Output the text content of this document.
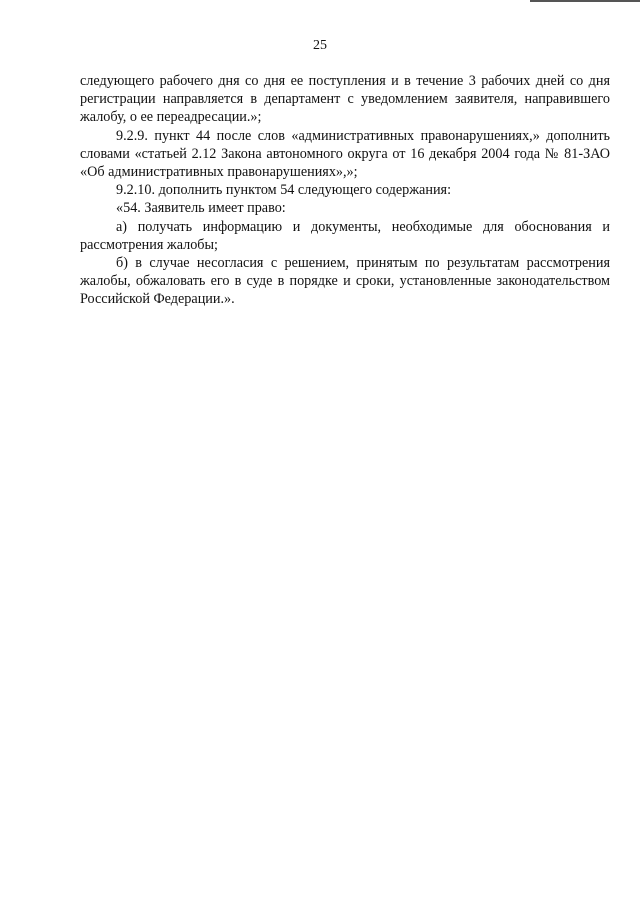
25

следующего рабочего дня со дня ее поступления и в течение 3 рабочих дней со дня регистрации направляется в департамент с уведомлением заявителя, направившего жалобу, о ее переадресации.»;

9.2.9. пункт 44 после слов «административных правонарушениях,» дополнить словами «статьей 2.12 Закона автономного округа от 16 декабря 2004 года № 81-ЗАО «Об административных правонарушениях»,»;

9.2.10. дополнить пунктом 54 следующего содержания:

«54. Заявитель имеет право:

а) получать информацию и документы, необходимые для обоснования и рассмотрения жалобы;

б) в случае несогласия с решением, принятым по результатам рассмотрения жалобы, обжаловать его в суде в порядке и сроки, установленные законодательством Российской Федерации.».
